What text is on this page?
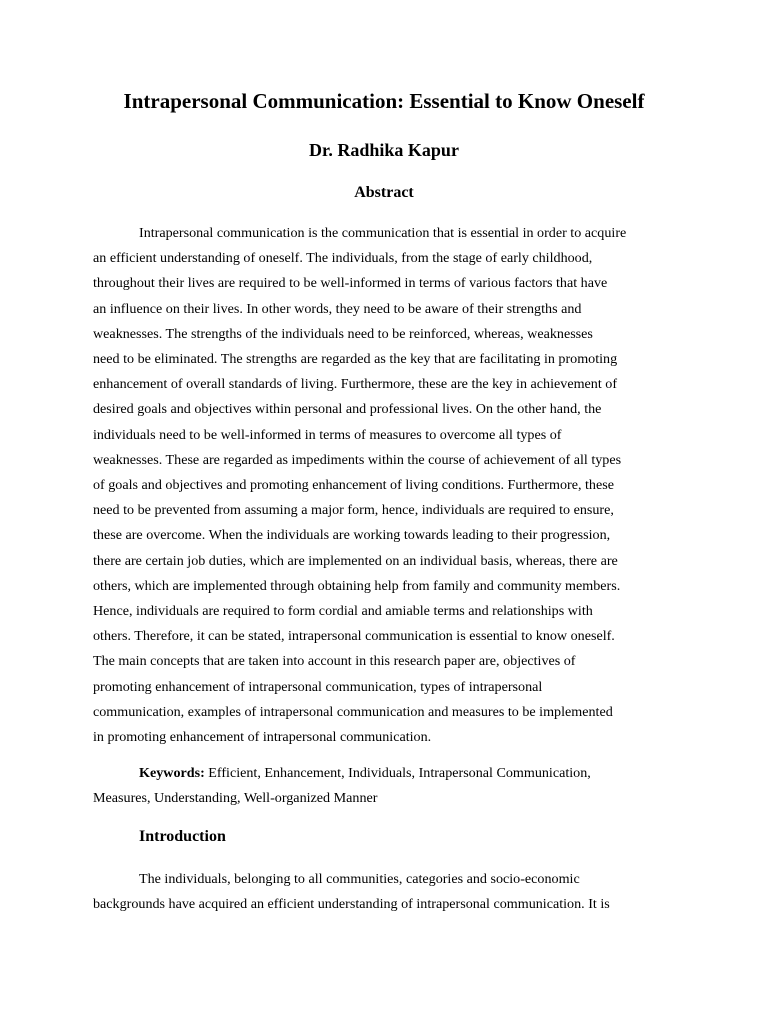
Intrapersonal Communication: Essential to Know Oneself
Dr. Radhika Kapur
Abstract
Intrapersonal communication is the communication that is essential in order to acquire
an efficient understanding of oneself. The individuals, from the stage of early childhood,
throughout their lives are required to be well-informed in terms of various factors that have
an influence on their lives. In other words, they need to be aware of their strengths and
weaknesses. The strengths of the individuals need to be reinforced, whereas, weaknesses
need to be eliminated. The strengths are regarded as the key that are facilitating in promoting
enhancement of overall standards of living. Furthermore, these are the key in achievement of
desired goals and objectives within personal and professional lives. On the other hand, the
individuals need to be well-informed in terms of measures to overcome all types of
weaknesses. These are regarded as impediments within the course of achievement of all types
of goals and objectives and promoting enhancement of living conditions. Furthermore, these
need to be prevented from assuming a major form, hence, individuals are required to ensure,
these are overcome. When the individuals are working towards leading to their progression,
there are certain job duties, which are implemented on an individual basis, whereas, there are
others, which are implemented through obtaining help from family and community members.
Hence, individuals are required to form cordial and amiable terms and relationships with
others. Therefore, it can be stated, intrapersonal communication is essential to know oneself.
The main concepts that are taken into account in this research paper are, objectives of
promoting enhancement of intrapersonal communication, types of intrapersonal
communication, examples of intrapersonal communication and measures to be implemented
in promoting enhancement of intrapersonal communication.
Keywords: Efficient, Enhancement, Individuals, Intrapersonal Communication,
Measures, Understanding, Well-organized Manner
Introduction
The individuals, belonging to all communities, categories and socio-economic
backgrounds have acquired an efficient understanding of intrapersonal communication. It is
